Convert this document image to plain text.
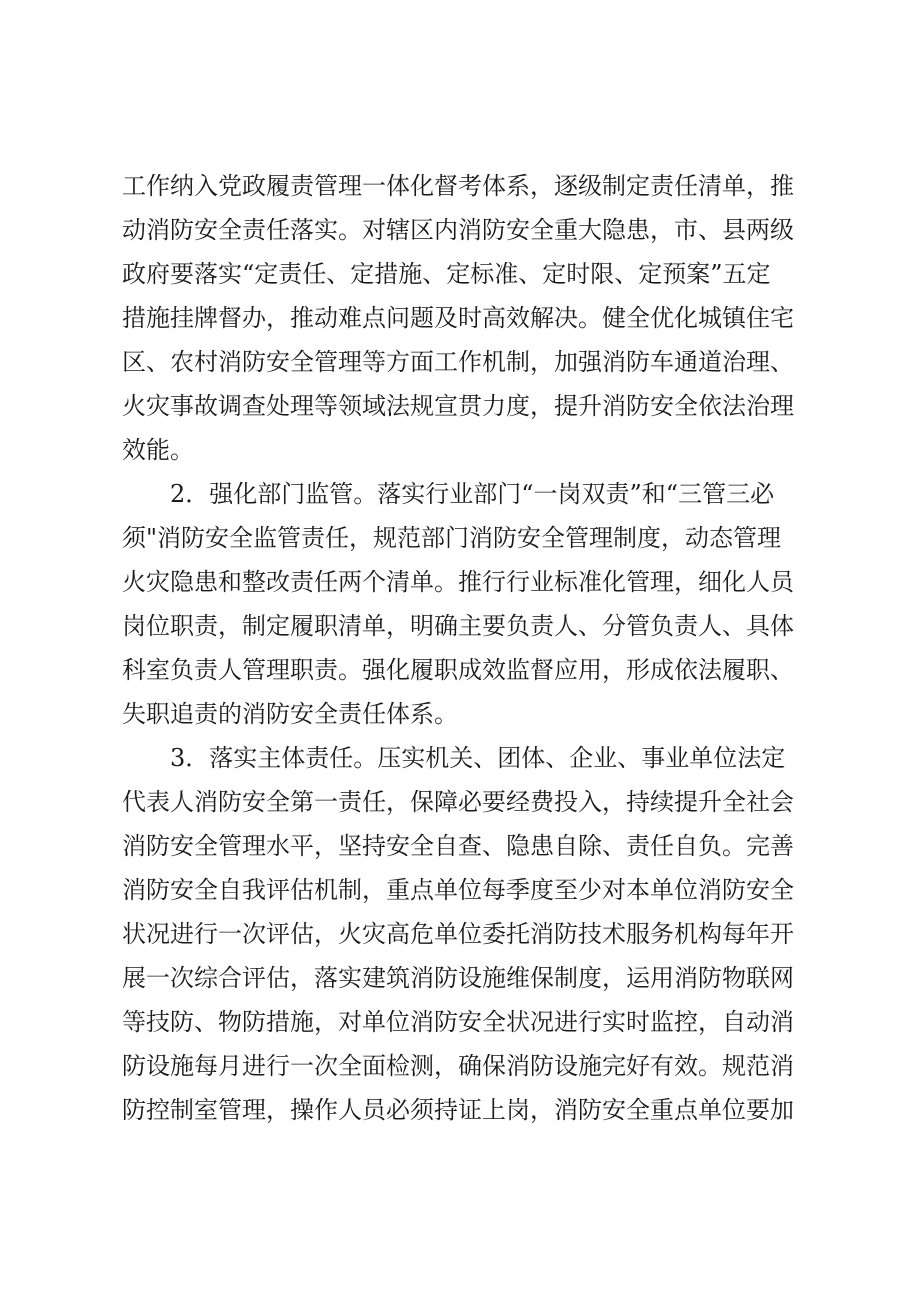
工作纳入党政履责管理一体化督考体系，逐级制定责任清单，推
动消防安全责任落实。对辖区内消防安全重大隐患，市、县两级
政府要落实“定责任、定措施、定标准、定时限、定预案”五定
措施挂牌督办，推动难点问题及时高效解决。健全优化城镇住宅
区、农村消防安全管理等方面工作机制，加强消防车通道治理、
火灾事故调查处理等领域法规宣贯力度，提升消防安全依法治理
效能。
2．强化部门监管。落实行业部门“一岗双责”和“三管三必
须"消防安全监管责任，规范部门消防安全管理制度，动态管理
火灾隐患和整改责任两个清单。推行行业标准化管理，细化人员
岗位职责，制定履职清单，明确主要负责人、分管负责人、具体
科室负责人管理职责。强化履职成效监督应用，形成依法履职、
失职追责的消防安全责任体系。
3．落实主体责任。压实机关、团体、企业、事业单位法定
代表人消防安全第一责任，保障必要经费投入，持续提升全社会
消防安全管理水平，坚持安全自查、隐患自除、责任自负。完善
消防安全自我评估机制，重点单位每季度至少对本单位消防安全
状况进行一次评估，火灾高危单位委托消防技术服务机构每年开
展一次综合评估，落实建筑消防设施维保制度，运用消防物联网
等技防、物防措施，对单位消防安全状况进行实时监控，自动消
防设施每月进行一次全面检测，确保消防设施完好有效。规范消
防控制室管理，操作人员必须持证上岗，消防安全重点单位要加
